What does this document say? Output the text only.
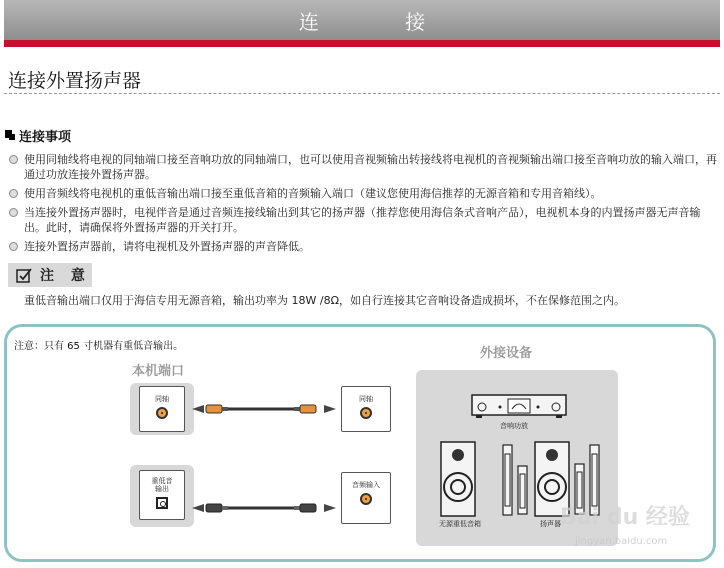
连 接
连接外置扬声器
连接事项
使用同轴线将电视的同轴端口接至音响功放的同轴端口，也可以使用音视频输出转接线将电视机的音视频输出端口接至音响功放的输入端口，再通过功放连接外置扬声器。
使用音频线将电视机的重低音输出端口接至重低音箱的音频输入端口（建议您使用海信推荐的无源音箱和专用音箱线）。
当连接外置扬声器时，电视伴音是通过音频连接线输出到其它的扬声器（推荐您使用海信条式音响产品），电视机本身的内置扬声器无声音输出。此时，请确保将外置扬声器的开关打开。
连接外置扬声器前，请将电视机及外置扬声器的声音降低。
注 意
重低音输出端口仅用于海信专用无源音箱，输出功率为 18W /8Ω，如自行连接其它音响设备造成损坏，不在保修范围之内。
注意：只有 65 寸机器有重低音输出。
本机端口
外接设备
同轴
重低音
输出
同轴
音频输入
音响功放
无源重低音箱	扬声器 Bai du 经验
jingyan.baidu.com
